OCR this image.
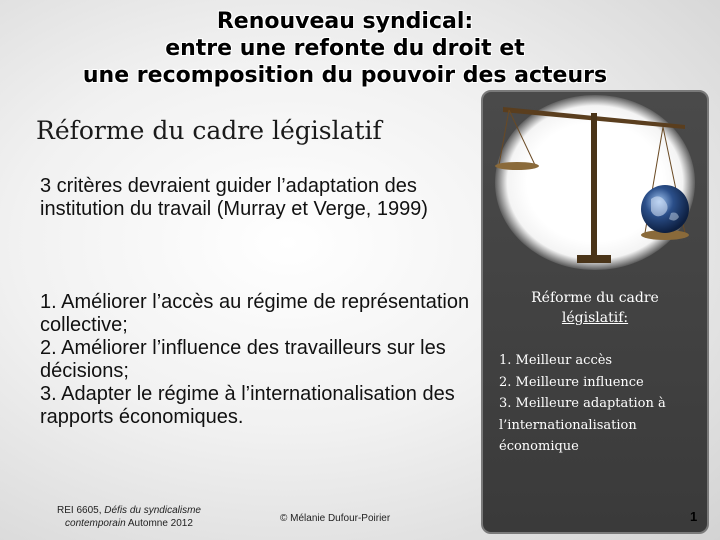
Renouveau syndical:
entre une refonte du droit et
une recomposition du pouvoir des acteurs
Réforme du cadre législatif
3 critères devraient guider l’adaptation des institution du travail (Murray et Verge, 1999)
1. Améliorer l’accès au régime de représentation collective;
2. Améliorer l’influence des travailleurs sur les décisions;
3. Adapter le régime à l’internationalisation des rapports économiques.
Réforme du cadre
législatif:
1. Meilleur accès
2. Meilleure influence
3. Meilleure adaptation à l’internationalisation économique
REI 6605, Défis du syndicalisme contemporain Automne 2012	© Mélanie Dufour-Poirier	1
